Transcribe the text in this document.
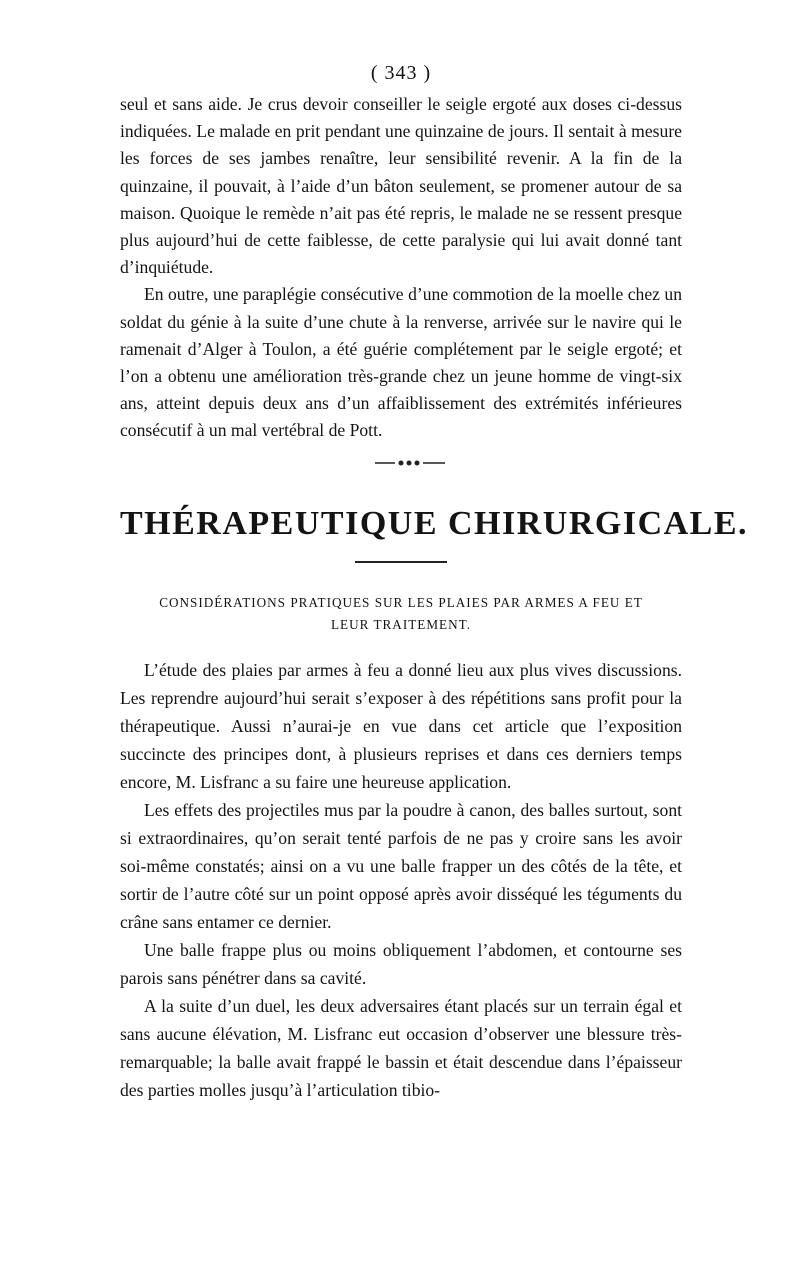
( 343 )

seul et sans aide. Je crus devoir conseiller le seigle ergoté aux doses ci-dessus indiquées. Le malade en prit pendant une quinzaine de jours. Il sentait à mesure les forces de ses jambes renaître, leur sensibilité revenir. A la fin de la quinzaine, il pouvait, à l’aide d’un bâton seulement, se promener autour de sa maison. Quoique le remède n’ait pas été repris, le malade ne se ressent presque plus aujourd’hui de cette faiblesse, de cette paralysie qui lui avait donné tant d’inquiétude.

En outre, une paraplégie consécutive d’une commotion de la moelle chez un soldat du génie à la suite d’une chute à la renverse, arrivée sur le navire qui le ramenait d’Alger à Toulon, a été guérie complétement par le seigle ergoté; et l’on a obtenu une amélioration très-grande chez un jeune homme de vingt-six ans, atteint depuis deux ans d’un affaiblissement des extrémités inférieures consécutif à un mal vertébral de Pott.

THÉRAPEUTIQUE CHIRURGICALE.
CONSIDÉRATIONS PRATIQUES SUR LES PLAIES PAR ARMES A FEU ET
LEUR TRAITEMENT.

L’étude des plaies par armes à feu a donné lieu aux plus vives discussions. Les reprendre aujourd’hui serait s’exposer à des répétitions sans profit pour la thérapeutique. Aussi n’aurai-je en vue dans cet article que l’exposition succincte des principes dont, à plusieurs reprises et dans ces derniers temps encore, M. Lisfranc a su faire une heureuse application.

Les effets des projectiles mus par la poudre à canon, des balles surtout, sont si extraordinaires, qu’on serait tenté parfois de ne pas y croire sans les avoir soi-même constatés; ainsi on a vu une balle frapper un des côtés de la tête, et sortir de l’autre côté sur un point opposé après avoir disséqué les téguments du crâne sans entamer ce dernier.

Une balle frappe plus ou moins obliquement l’abdomen, et contourne ses parois sans pénétrer dans sa cavité.

A la suite d’un duel, les deux adversaires étant placés sur un terrain égal et sans aucune élévation, M. Lisfranc eut occasion d’observer une blessure très-remarquable; la balle avait frappé le bassin et était descendue dans l’épaisseur des parties molles jusqu’à l’articulation tibio-
